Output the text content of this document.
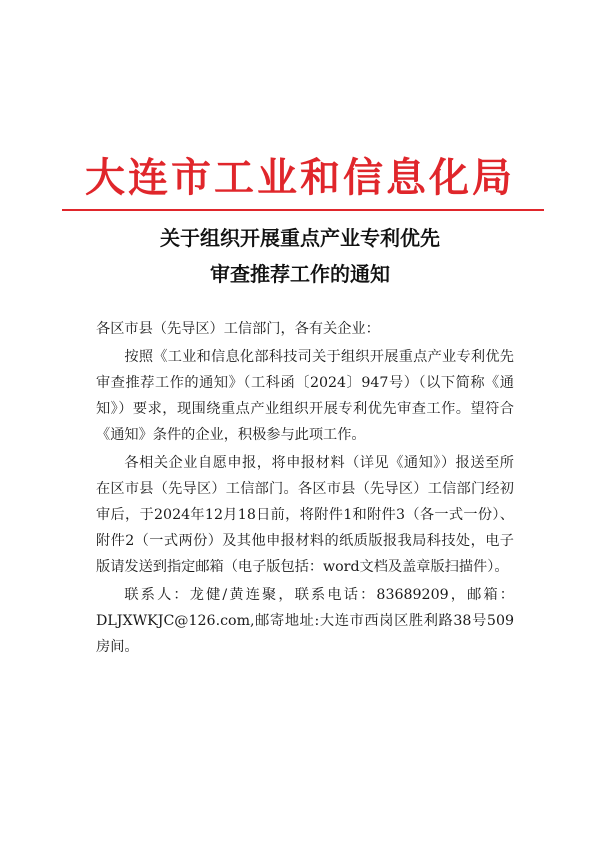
大连市工业和信息化局
关于组织开展重点产业专利优先
审查推荐工作的通知

各区市县（先导区）工信部门，各有关企业：

按照《工业和信息化部科技司关于组织开展重点产业专利优先审查推荐工作的通知》（工科函〔2024〕947号）（以下简称《通知》）要求，现围绕重点产业组织开展专利优先审查工作。望符合《通知》条件的企业，积极参与此项工作。

各相关企业自愿申报，将申报材料（详见《通知》）报送至所在区市县（先导区）工信部门。各区市县（先导区）工信部门经初审后，于2024年12月18日前，将附件1和附件3（各一式一份）、附件2（一式两份）及其他申报材料的纸质版报我局科技处，电子版请发送到指定邮箱（电子版包括：word文档及盖章版扫描件）。

联系人：龙健/黄连聚，联系电话：83689209，邮箱：DLJXWKJC@126.com,邮寄地址:大连市西岗区胜利路38号509房间。
